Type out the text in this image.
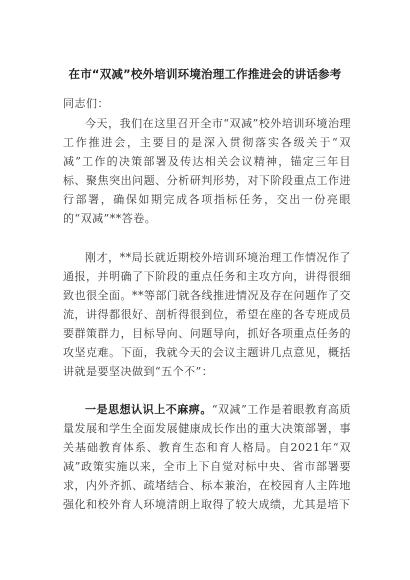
在市“双减”校外培训环境治理工作推进会的讲话参考

同志们：

今天，我们在这里召开全市“双减”校外培训环境治理工作推进会，主要目的是深入贯彻落实各级关于“双减”工作的决策部署及传达相关会议精神，锚定三年目标、聚焦突出问题、分析研判形势，对下阶段重点工作进行部署，确保如期完成各项指标任务，交出一份亮眼的“双减”**答卷。

刚才，**局长就近期校外培训环境治理工作情况作了通报，并明确了下阶段的重点任务和主攻方向，讲得很细致也很全面。**等部门就各线推进情况及存在问题作了交流，讲得都很好、剖析得很到位，希望在座的各专班成员要群策群力，目标导向、问题导向，抓好各项重点任务的攻坚克难。下面，我就今天的会议主题讲几点意见，概括讲就是要坚决做到“五个不”：

一是思想认识上不麻痹。“双减”工作是着眼教育高质量发展和学生全面发展健康成长作出的重大决策部署，事关基础教育体系、教育生态和育人格局。自2021年“双减”政策实施以来，全市上下自觉对标中央、省市部署要求，内外齐抓、疏堵结合、标本兼治，在校园育人主阵地强化和校外育人环境清朗上取得了较大成绩，尤其是培下
